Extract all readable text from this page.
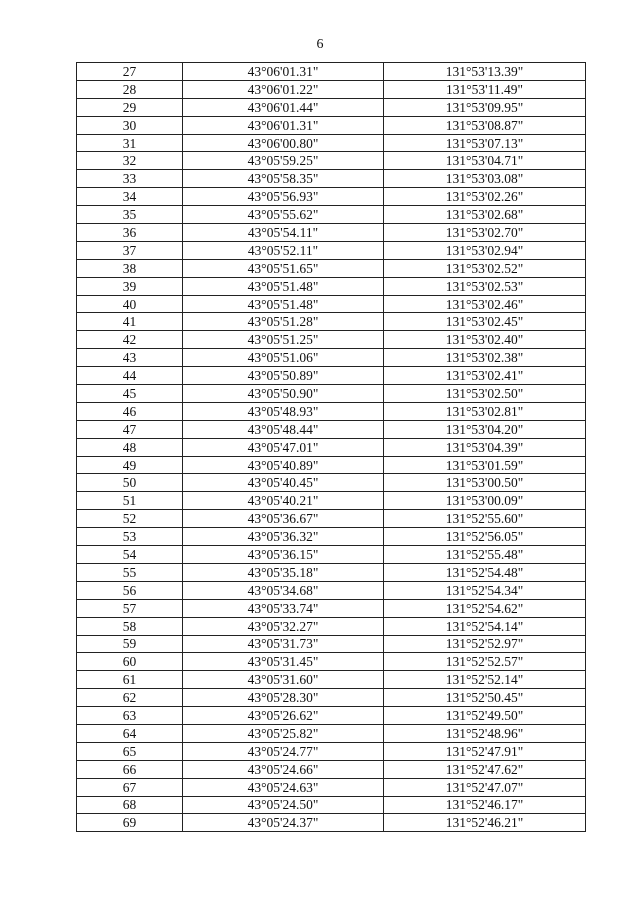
6
27	43°06'01.31"	131°53'13.39"
28	43°06'01.22"	131°53'11.49"
29	43°06'01.44"	131°53'09.95"
30	43°06'01.31"	131°53'08.87"
31	43°06'00.80"	131°53'07.13"
32	43°05'59.25"	131°53'04.71"
33	43°05'58.35"	131°53'03.08"
34	43°05'56.93"	131°53'02.26"
35	43°05'55.62"	131°53'02.68"
36	43°05'54.11"	131°53'02.70"
37	43°05'52.11"	131°53'02.94"
38	43°05'51.65"	131°53'02.52"
39	43°05'51.48"	131°53'02.53"
40	43°05'51.48"	131°53'02.46"
41	43°05'51.28"	131°53'02.45"
42	43°05'51.25"	131°53'02.40"
43	43°05'51.06"	131°53'02.38"
44	43°05'50.89"	131°53'02.41"
45	43°05'50.90"	131°53'02.50"
46	43°05'48.93"	131°53'02.81"
47	43°05'48.44"	131°53'04.20"
48	43°05'47.01"	131°53'04.39"
49	43°05'40.89"	131°53'01.59"
50	43°05'40.45"	131°53'00.50"
51	43°05'40.21"	131°53'00.09"
52	43°05'36.67"	131°52'55.60"
53	43°05'36.32"	131°52'56.05"
54	43°05'36.15"	131°52'55.48"
55	43°05'35.18"	131°52'54.48"
56	43°05'34.68"	131°52'54.34"
57	43°05'33.74"	131°52'54.62"
58	43°05'32.27"	131°52'54.14"
59	43°05'31.73"	131°52'52.97"
60	43°05'31.45"	131°52'52.57"
61	43°05'31.60"	131°52'52.14"
62	43°05'28.30"	131°52'50.45"
63	43°05'26.62"	131°52'49.50"
64	43°05'25.82"	131°52'48.96"
65	43°05'24.77"	131°52'47.91"
66	43°05'24.66"	131°52'47.62"
67	43°05'24.63"	131°52'47.07"
68	43°05'24.50"	131°52'46.17"
69	43°05'24.37"	131°52'46.21"
